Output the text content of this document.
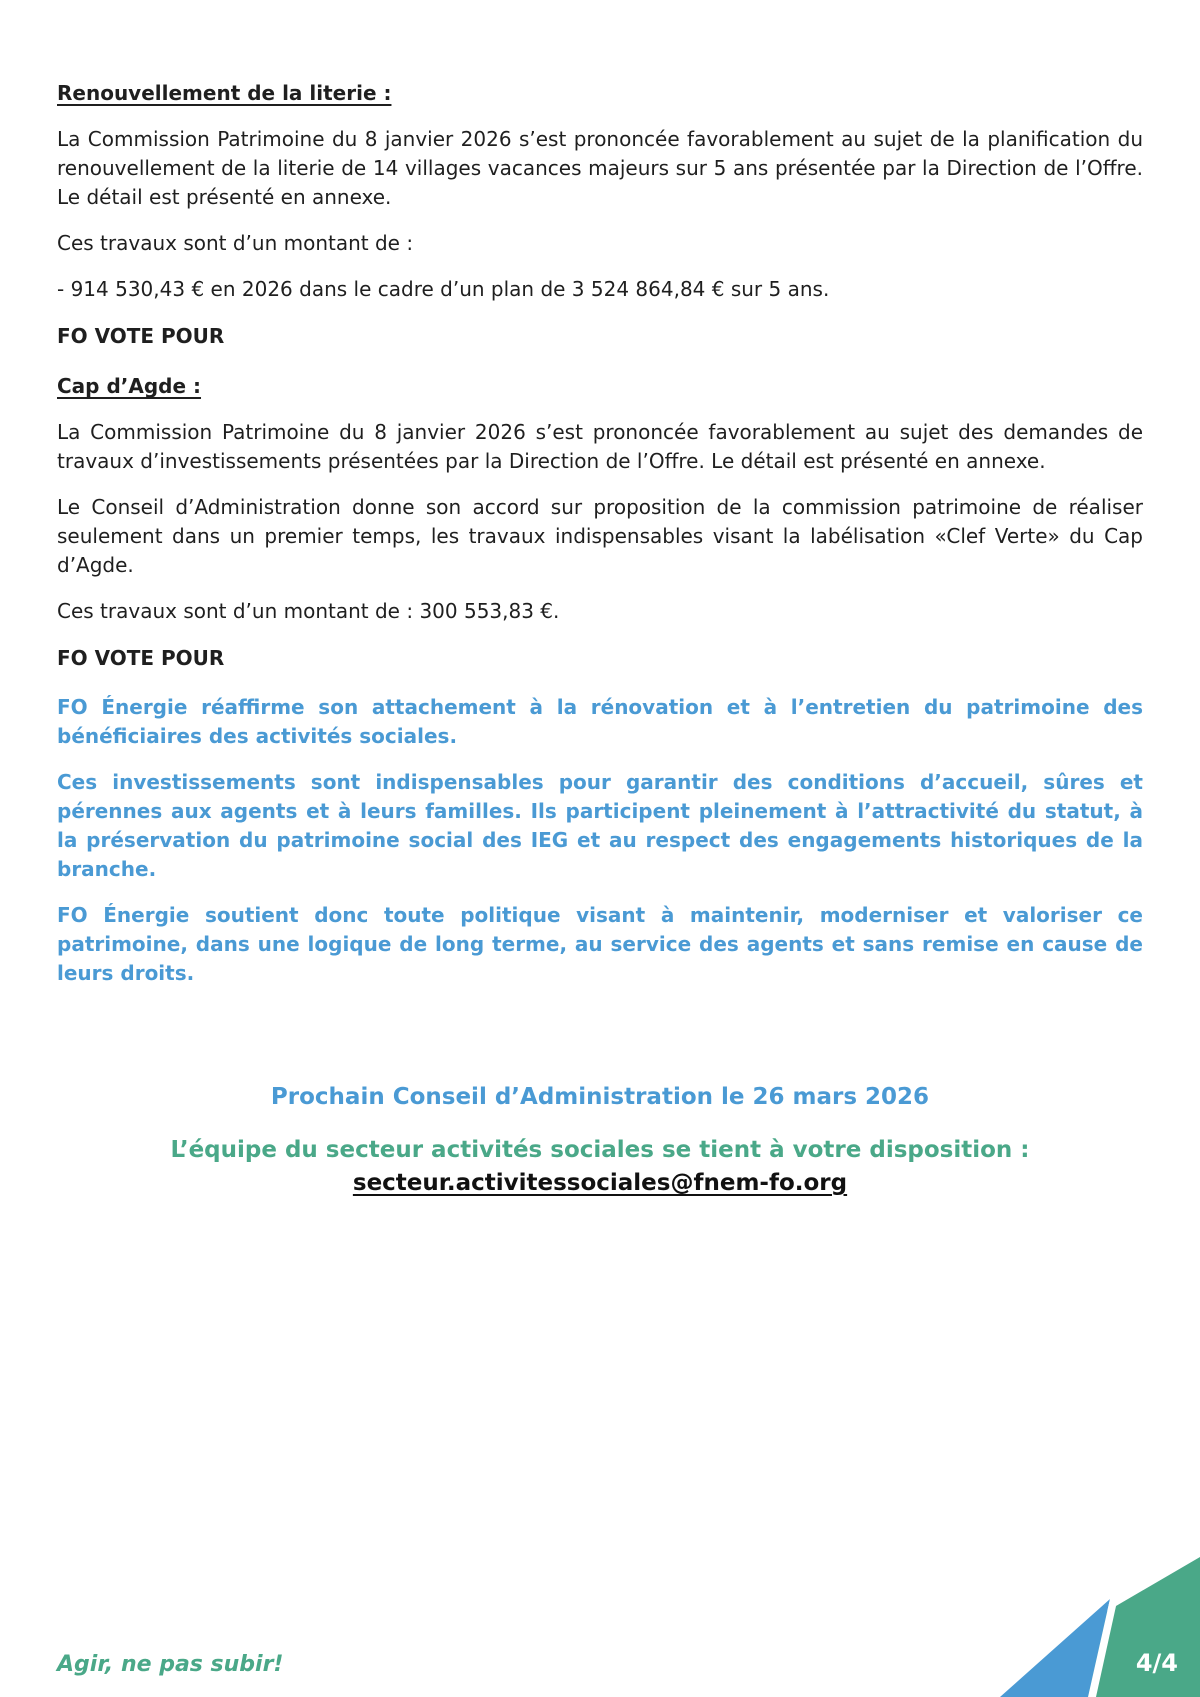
Renouvellement de la literie :

La Commission Patrimoine du 8 janvier 2026 s’est prononcée favorablement au sujet de la planification du renouvellement de la literie de 14 villages vacances majeurs sur 5 ans présentée par la Direction de l’Offre. Le détail est présenté en annexe.

Ces travaux sont d’un montant de :

- 914 530,43 € en 2026 dans le cadre d’un plan de 3 524 864,84 € sur 5 ans.

FO VOTE POUR
Cap d’Agde :

La Commission Patrimoine du 8 janvier 2026 s’est prononcée favorablement au sujet des demandes de travaux d’investissements présentées par la Direction de l’Offre. Le détail est présenté en annexe.

Le Conseil d’Administration donne son accord sur proposition de la commission patrimoine de réaliser seulement dans un premier temps, les travaux indispensables visant la labélisation «Clef Verte» du Cap d’Agde.

Ces travaux sont d’un montant de : 300 553,83 €.

FO VOTE POUR

FO Énergie réaffirme son attachement à la rénovation et à l’entretien du patrimoine des bénéficiaires des activités sociales.

Ces investissements sont indispensables pour garantir des conditions d’accueil, sûres et pérennes aux agents et à leurs familles. Ils participent pleinement à l’attractivité du statut, à la préservation du patrimoine social des IEG et au respect des engagements historiques de la branche.

FO Énergie soutient donc toute politique visant à maintenir, moderniser et valoriser ce patrimoine, dans une logique de long terme, au service des agents et sans remise en cause de leurs droits.

Prochain Conseil d’Administration le 26 mars 2026
L’équipe du secteur activités sociales se tient à votre disposition :
secteur.activitessociales@fnem-fo.org
Agir, ne pas subir!	4/4
